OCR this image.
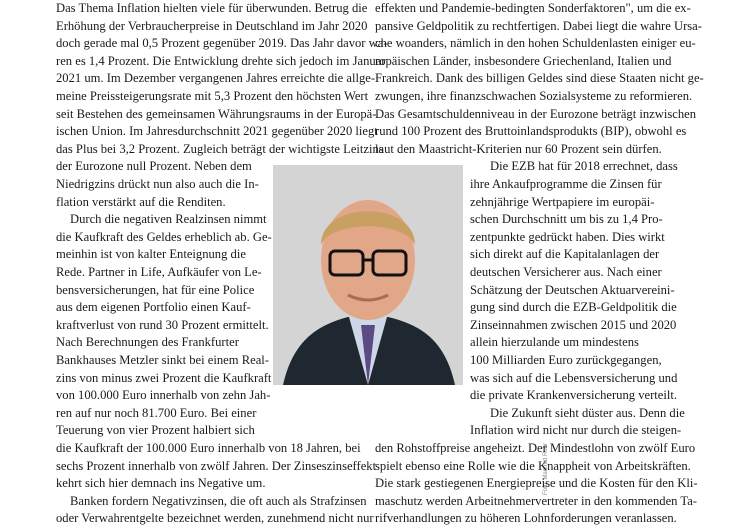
Das Thema Inflation hielten viele für überwunden. Betrug die
Erhöhung der Verbraucherpreise in Deutschland im Jahr 2020
doch gerade mal 0,5 Prozent gegenüber 2019. Das Jahr davor wa-
ren es 1,4 Prozent. Die Entwicklung drehte sich jedoch im Januar
2021 um. Im Dezember vergangenen Jahres erreichte die allge-
meine Preissteigerungsrate mit 5,3 Prozent den höchsten Wert
seit Bestehen des gemeinsamen Währungsraums in der Europä-
ischen Union. Im Jahresdurchschnitt 2021 gegenüber 2020 liegt
das Plus bei 3,2 Prozent. Zugleich beträgt der wichtigste Leitzins
der Eurozone null Prozent. Neben dem
Niedrigzins drückt nun also auch die In-
flation verstärkt auf die Renditen.
Durch die negativen Realzinsen nimmt
die Kaufkraft des Geldes erheblich ab. Ge-
meinhin ist von kalter Enteignung die
Rede. Partner in Life, Aufkäufer von Le-
bensversicherungen, hat für eine Police
aus dem eigenen Portfolio einen Kauf-
kraftverlust von rund 30 Prozent ermittelt.
Nach Berechnungen des Frankfurter
Bankhauses Metzler sinkt bei einem Real-
zins von minus zwei Prozent die Kaufkraft
von 100.000 Euro innerhalb von zehn Jah-
ren auf nur noch 81.700 Euro. Bei einer
Teuerung von vier Prozent halbiert sich
die Kaufkraft der 100.000 Euro innerhalb von 18 Jahren, bei
sechs Prozent innerhalb von zwölf Jahren. Der Zinseszinseffekt
kehrt sich hier demnach ins Negative um.
Banken fordern Negativzinsen, die oft auch als Strafzinsen
oder Verwahrentgelte bezeichnet werden, zunehmend nicht nur
Foto: Manfred Rohr
effekten und Pandemie-bedingten Sonderfaktoren", um die ex-
pansive Geldpolitik zu rechtfertigen. Dabei liegt die wahre Ursa-
che woanders, nämlich in den hohen Schuldenlasten einiger eu-
ropäischen Länder, insbesondere Griechenland, Italien und
Frankreich. Dank des billigen Geldes sind diese Staaten nicht ge-
zwungen, ihre finanzschwachen Sozialsysteme zu reformieren.
Das Gesamtschuldenniveau in der Eurozone beträgt inzwischen
rund 100 Prozent des Bruttoinlandsprodukts (BIP), obwohl es
laut den Maastricht-Kriterien nur 60 Prozent sein dürfen.
Die EZB hat für 2018 errechnet, dass
ihre Ankaufprogramme die Zinsen für
zehnjährige Wertpapiere im europäi-
schen Durchschnitt um bis zu 1,4 Pro-
zentpunkte gedrückt haben. Dies wirkt
sich direkt auf die Kapitalanlagen der
deutschen Versicherer aus. Nach einer
Schätzung der Deutschen Aktuarvereini-
gung sind durch die EZB-Geldpolitik die
Zinseinnahmen zwischen 2015 und 2020
allein hierzulande um mindestens
100 Milliarden Euro zurückgegangen,
was sich auf die Lebensversicherung und
die private Krankenversicherung verteilt.
Die Zukunft sieht düster aus. Denn die
Inflation wird nicht nur durch die steigen-
den Rohstoffpreise angeheizt. Der Mindestlohn von zwölf Euro
spielt ebenso eine Rolle wie die Knappheit von Arbeitskräften.
Die stark gestiegenen Energiepreise und die Kosten für den Kli-
maschutz werden Arbeitnehmervertreter in den kommenden Ta-
rifverhandlungen zu höheren Lohnforderungen veranlassen.
